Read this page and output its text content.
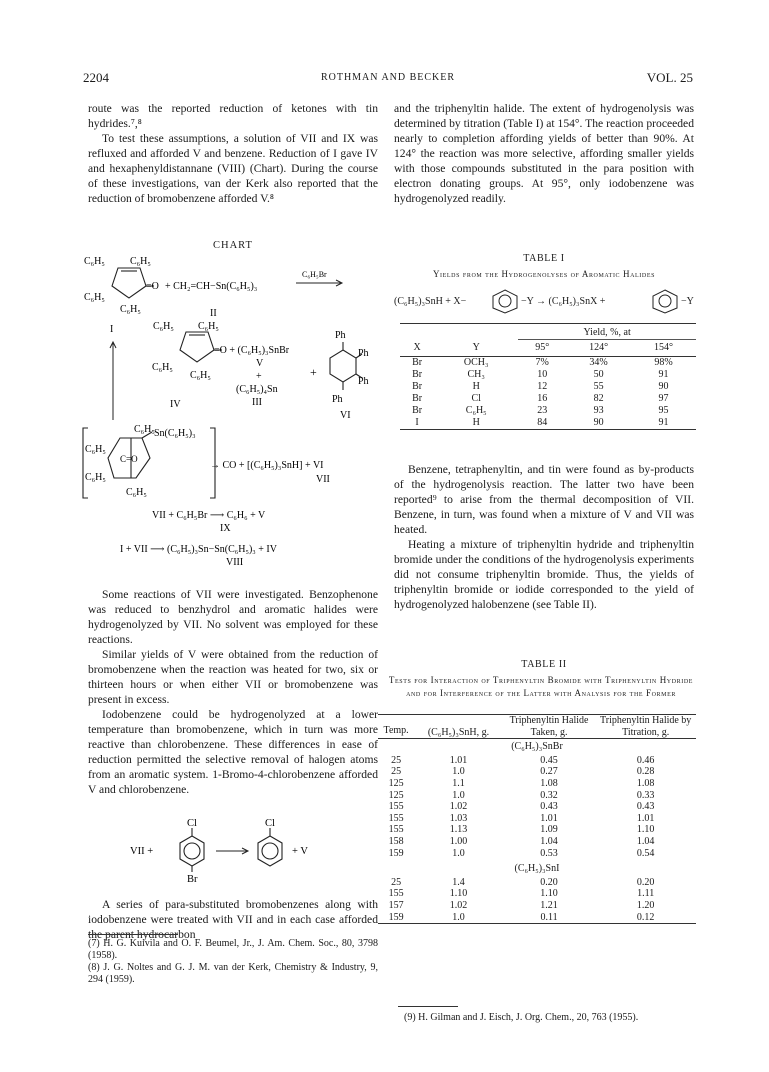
2204	ROTHMAN AND BECKER	VOL. 25

route was the reported reduction of ketones with tin hydrides.⁷,⁸

To test these assumptions, a solution of VII and IX was refluxed and afforded V and benzene. Reduction of I gave IV and hexaphenyldistannane (VIII) (Chart). During the course of these investigations, van der Kerk also reported that the reduction of bromobenzene afforded V.⁸

CHART
C₆H₅	C₆H₅
C₆H₅
C₆H₅
=O + CH₂=CH−Sn(C₆H₅)₃
II
C₆H₅Br
I	C₆H₅ C₆H₅
C₆H₅
C₆H₅
=O + (C₆H₅)₃SnBr
V
+
(C₆H₅)₄Sn
III
IV
+
Ph
Ph
Ph
Ph
VI
C₆H₅ Sn(C₆H₅)₃
C₆H₅
C=O
C₆H₅
C₆H₅
→ CO + [(C₆H₅)₃SnH] + VI
VII
VII + C₆H₅Br ⟶ C₆H₆ + V
IX
I + VII ⟶ (C₆H₅)₃Sn−Sn(C₆H₅)₃ + IV
VIII

Some reactions of VII were investigated. Benzophenone was reduced to benzhydrol and aromatic halides were hydrogenolyzed by VII. No solvent was employed for these reactions.

Similar yields of V were obtained from the reduction of bromobenzene when the reaction was heated for two, six or thirteen hours or when either VII or bromobenzene was present in excess.

Iodobenzene could be hydrogenolyzed at a lower temperature than bromobenzene, which in turn was more reactive than chlorobenzene. These differences in ease of reduction permitted the selective removal of halogen atoms from an aromatic system. 1-Bromo-4-chlorobenzene afforded V and chlorobenzene.

VII +
Cl
Br
Cl
+ V

A series of para-substituted bromobenzenes along with iodobenzene were treated with VII and in each case afforded the parent hydrocarbon

(7) H. G. Kuivila and O. F. Beumel, Jr., J. Am. Chem. Soc., 80, 3798 (1958).
(8) J. G. Noltes and G. J. M. van der Kerk, Chemistry & Industry, 9, 294 (1959).

and the triphenyltin halide. The extent of hydrogenolysis was determined by titration (Table I) at 154°. The reaction proceeded nearly to completion affording yields of better than 90%. At 124° the reaction was more selective, affording smaller yields with those compounds substituted in the para position with electron donating groups. At 95°, only iodobenzene was hydrogenolyzed readily.

TABLE I
Yields from the Hydrogenolyses of Aromatic Halides
(C₆H₅)₃SnH + X−	−Y → (C₆H₅)₃SnX +	−Y
		Yield, %, at		
X	Y	95°	124°	154°
Br	OCH₃	7%	34%	98%
Br	CH₃	10	50	91
Br	H	12	55	90
Br	Cl	16	82	97
Br	C₆H₅	23	93	95
I	H	84	90	91

Benzene, tetraphenyltin, and tin were found as by-products of the hydrogenolysis reaction. The latter two have been reported⁹ to arise from the thermal decomposition of VII. Benzene, in turn, was found when a mixture of V and VII was heated.

Heating a mixture of triphenyltin hydride and triphenyltin bromide under the conditions of the hydrogenolysis experiments did not consume triphenyltin bromide. Thus, the yields of triphenyltin bromide or iodide corresponded to the yield of hydrogenolyzed halobenzene (see Table II).

TABLE II
Tests for Interaction of Triphenyltin Bromide with Triphenyltin Hydride and for Interference of the Latter with Analysis for the Former
Temp.	(C₆H₅)₃SnH, g.	Triphenyltin Halide Taken, g.	Triphenyltin Halide by Titration, g.
(C₆H₅)₃SnBr			
25	1.01	0.45	0.46
25	1.0	0.27	0.28
125	1.1	1.08	1.08
125	1.0	0.32	0.33
155	1.02	0.43	0.43
155	1.03	1.01	1.01
155	1.13	1.09	1.10
158	1.00	1.04	1.04
159	1.0	0.53	0.54
(C₆H₅)₃SnI			
25	1.4	0.20	0.20
155	1.10	1.10	1.11
157	1.02	1.21	1.20
159	1.0	0.11	0.12
(9) H. Gilman and J. Eisch, J. Org. Chem., 20, 763 (1955).
